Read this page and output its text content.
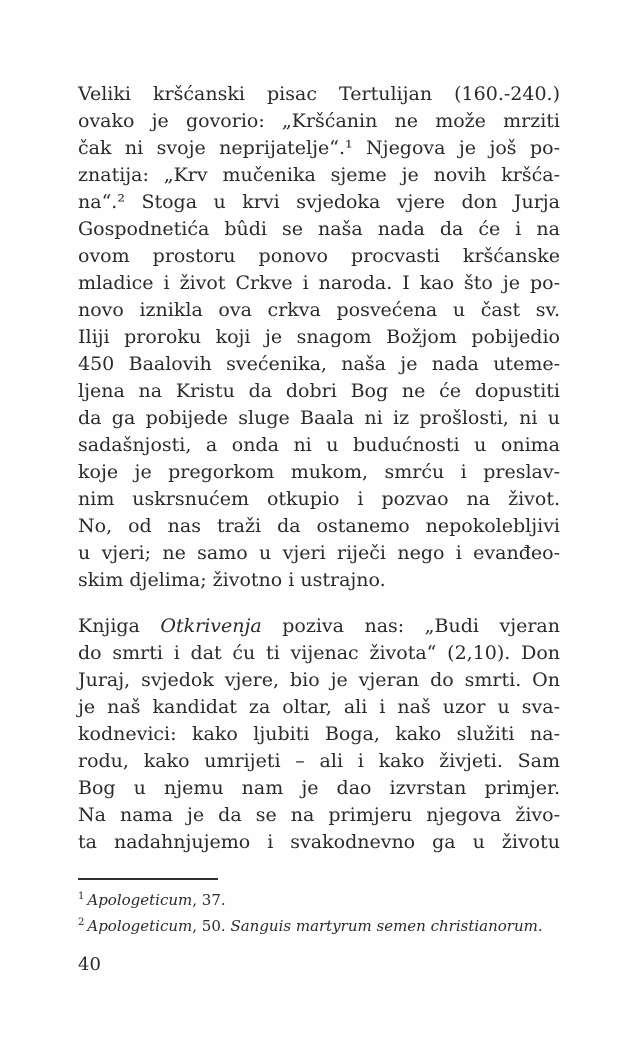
Veliki kršćanski pisac Tertulijan (160.-240.)
ovako je govorio: „Kršćanin ne može mrziti
čak ni svoje neprijatelje“.¹ Njegova je još po-
znatija: „Krv mučenika sjeme je novih kršća-
na“.² Stoga u krvi svjedoka vjere don Jurja
Gospodnetića bûdi se naša nada da će i na
ovom prostoru ponovo procvasti kršćanske
mladice i život Crkve i naroda. I kao što je po-
novo iznikla ova crkva posvećena u čast sv.
Iliji proroku koji je snagom Božjom pobijedio
450 Baalovih svećenika, naša je nada uteme-
ljena na Kristu da dobri Bog ne će dopustiti
da ga pobijede sluge Baala ni iz prošlosti, ni u
sadašnjosti, a onda ni u budućnosti u onima
koje je pregorkom mukom, smrću i preslav-
nim uskrsnućem otkupio i pozvao na život.
No, od nas traži da ostanemo nepokolebljivi
u vjeri; ne samo u vjeri riječi nego i evanđeo-
skim djelima; životno i ustrajno.
Knjiga Otkrivenja poziva nas: „Budi vjeran
do smrti i dat ću ti vijenac života“ (2,10). Don
Juraj, svjedok vjere, bio je vjeran do smrti. On
je naš kandidat za oltar, ali i naš uzor u sva-
kodnevici: kako ljubiti Boga, kako služiti na-
rodu, kako umrijeti – ali i kako živjeti. Sam
Bog u njemu nam je dao izvrstan primjer.
Na nama je da se na primjeru njegova živo-
ta nadahnjujemo i svakodnevno ga u životu
$^1$ Apologeticum, 37.
$^2$ Apologeticum, 50. Sanguis martyrum semen christianorum.
40
